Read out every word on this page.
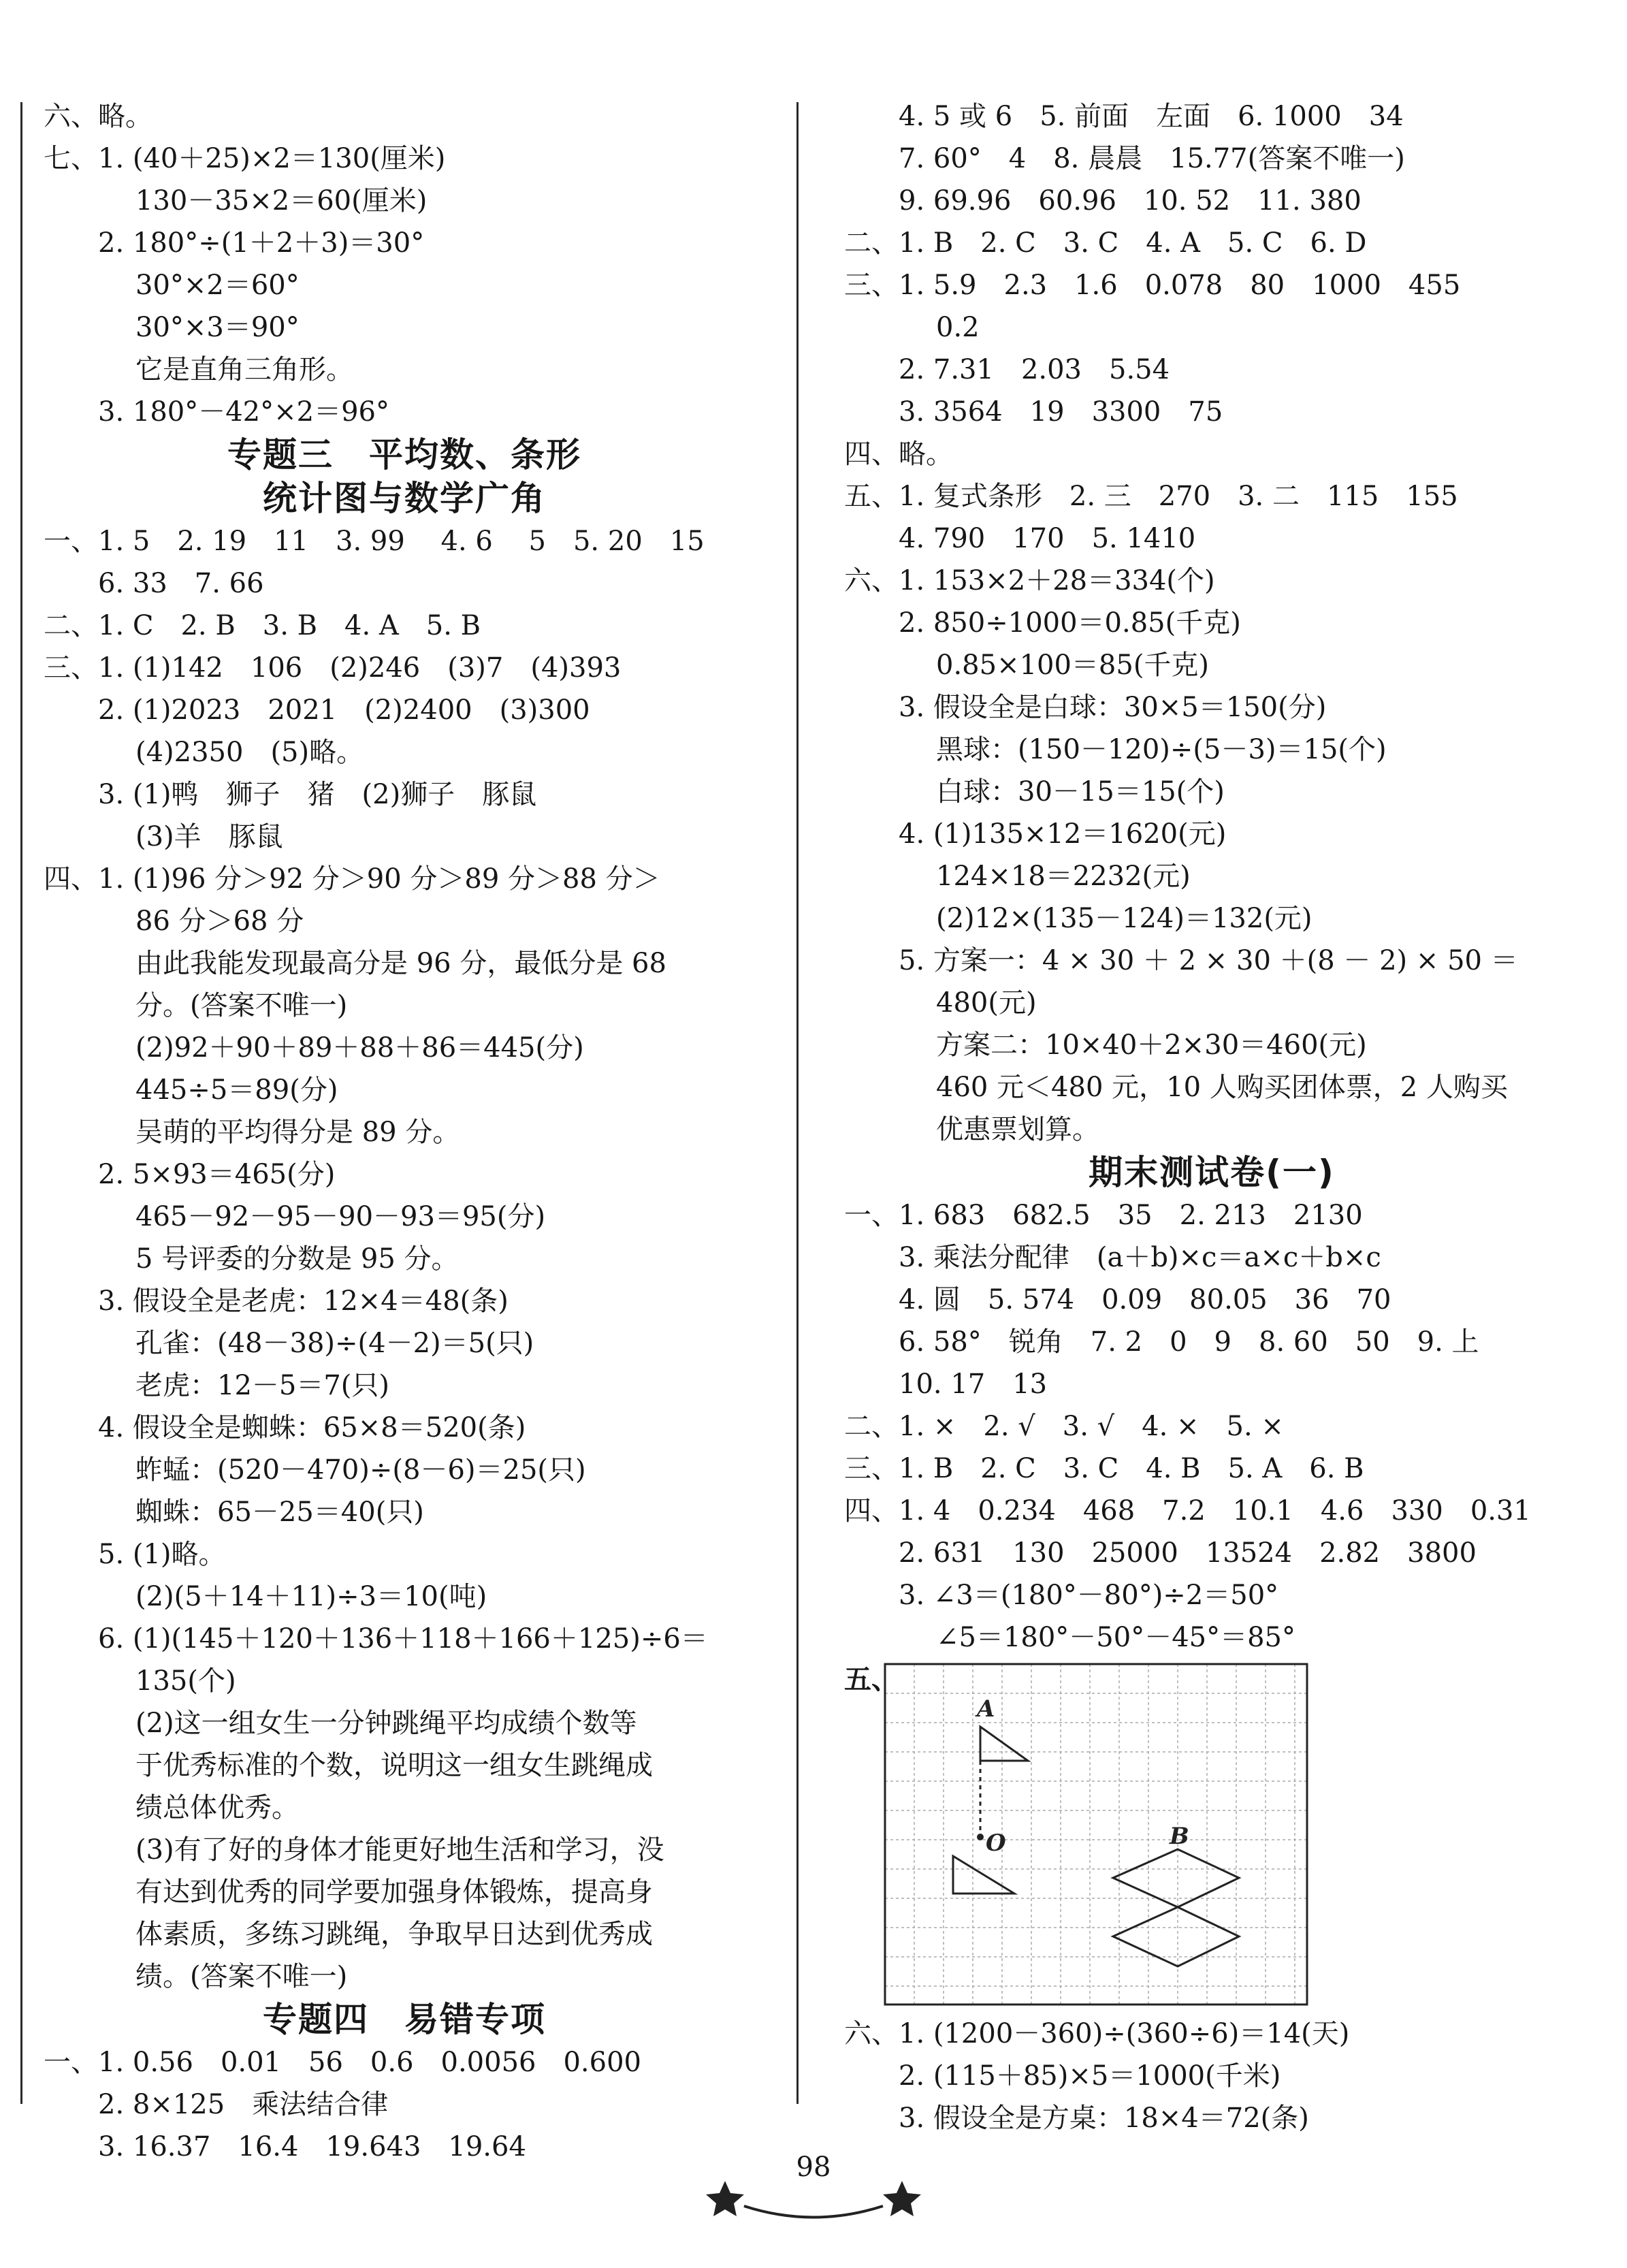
六、略。
七、1. (40＋25)×2＝130(厘米)
130－35×2＝60(厘米)
2. 180°÷(1＋2＋3)＝30°
30°×2＝60°
30°×3＝90°
它是直角三角形。
3. 180°－42°×2＝96°
专题三　平均数、条形
统计图与数学广角
一、1. 5　2. 19　11　3. 99　 4. 6　 5　5. 20　15
6. 33　7. 66
二、1. C　2. B　3. B　4. A　5. B
三、1. (1)142　106　(2)246　(3)7　(4)393
2. (1)2023　2021　(2)2400　(3)300
(4)2350　(5)略。
3. (1)鸭　狮子　猪　(2)狮子　豚鼠
(3)羊　豚鼠
四、1. (1)96 分＞92 分＞90 分＞89 分＞88 分＞
86 分＞68 分
由此我能发现最高分是 96 分，最低分是 68
分。(答案不唯一)
(2)92＋90＋89＋88＋86＝445(分)
445÷5＝89(分)
吴萌的平均得分是 89 分。
2. 5×93＝465(分)
465－92－95－90－93＝95(分)
5 号评委的分数是 95 分。
3. 假设全是老虎：12×4＝48(条)
孔雀：(48－38)÷(4－2)＝5(只)
老虎：12－5＝7(只)
4. 假设全是蜘蛛：65×8＝520(条)
蚱蜢：(520－470)÷(8－6)＝25(只)
蜘蛛：65－25＝40(只)
5. (1)略。
(2)(5＋14＋11)÷3＝10(吨)
6. (1)(145＋120＋136＋118＋166＋125)÷6＝
135(个)
(2)这一组女生一分钟跳绳平均成绩个数等
于优秀标准的个数，说明这一组女生跳绳成
绩总体优秀。
(3)有了好的身体才能更好地生活和学习，没
有达到优秀的同学要加强身体锻炼，提高身
体素质，多练习跳绳，争取早日达到优秀成
绩。(答案不唯一)
专题四　易错专项
一、1. 0.56　0.01　56　0.6　0.0056　0.600
2. 8×125　乘法结合律
3. 16.37　16.4　19.643　19.64
4. 5 或 6　5. 前面　左面　6. 1000　34
7. 60°　4　8. 晨晨　15.77(答案不唯一)
9. 69.96　60.96　10. 52　11. 380
二、1. B　2. C　3. C　4. A　5. C　6. D
三、1. 5.9　2.3　1.6　0.078　80　1000　455
0.2
2. 7.31　2.03　5.54
3. 3564　19　3300　75
四、略。
五、1. 复式条形　2. 三　270　3. 二　115　155
4. 790　170　5. 1410
六、1. 153×2＋28＝334(个)
2. 850÷1000＝0.85(千克)
0.85×100＝85(千克)
3. 假设全是白球：30×5＝150(分)
黑球：(150－120)÷(5－3)＝15(个)
白球：30－15＝15(个)
4. (1)135×12＝1620(元)
124×18＝2232(元)
(2)12×(135－124)＝132(元)
5. 方案一：4 × 30 ＋ 2 × 30 ＋(8 － 2) × 50 ＝
480(元)
方案二：10×40＋2×30＝460(元)
460 元＜480 元，10 人购买团体票，2 人购买
优惠票划算。
期末测试卷(一)
一、1. 683　682.5　35　2. 213　2130
3. 乘法分配律　(a＋b)×c＝a×c＋b×c
4. 圆　5. 574　0.09　80.05　36　70
6. 58°　锐角　7. 2　0　9　8. 60　50　9. 上
10. 17　13
二、1. ×　2. √　3. √　4. ×　5. ×
三、1. B　2. C　3. C　4. B　5. A　6. B
四、1. 4　0.234　468　7.2　10.1　4.6　330　0.31
2. 631　130　25000　13524　2.82　3800
3. ∠3＝(180°－80°)÷2＝50°
∠5＝180°－50°－45°＝85°
五、
A
O	B
六、1. (1200－360)÷(360÷6)＝14(天)
2. (115＋85)×5＝1000(千米)
3. 假设全是方桌：18×4＝72(条)
98
